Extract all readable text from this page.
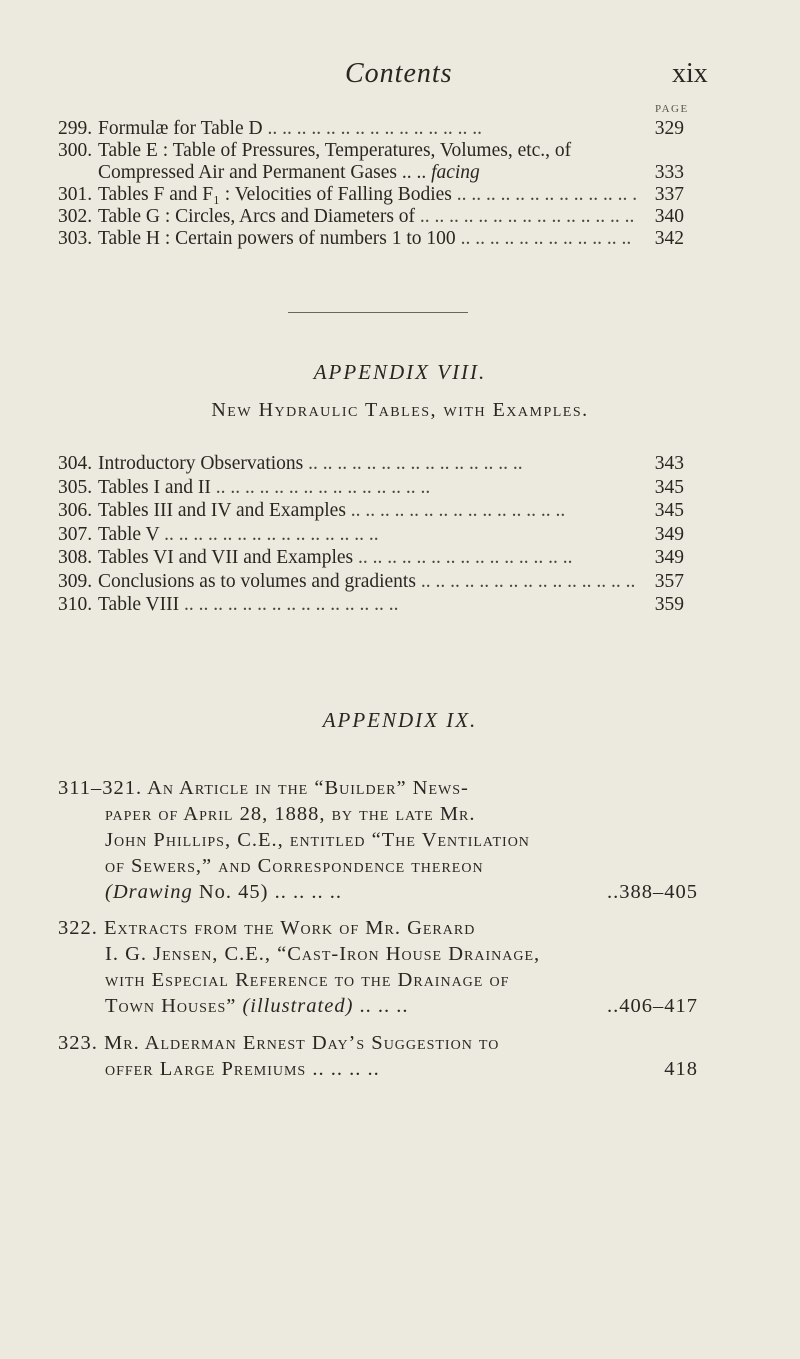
Contents	xix
PAGE
299. Formulæ for Table D .. .	329
300. Table E : Table of Pressures, Temperatures, Volumes, etc., of
Compressed Air and Permanent Gases .. .. facing	333
301. Tables F and F₁ : Velocities of Falling Bodies .. .	337
302. Table G : Circles, Arcs and Diameters of .. .	340
303. Table H : Certain powers of numbers 1 to 100 .. .	342
APPENDIX VIII.
New Hydraulic Tables, with Examples.
304. Introductory Observations .. .	343
305. Tables I and II .. .	345
306. Tables III and IV and Examples .. .	345
307. Table V .. .	349
308. Tables VI and VII and Examples .. .	349
309. Conclusions as to volumes and gradients .. .	357
310. Table VIII .. .	359
APPENDIX IX.
311–321. An Article in the “Builder” News-
paper of April 28, 1888, by the late Mr.
John Phillips, C.E., entitled “The Ventilation
of Sewers,” and Correspondence thereon
(Drawing No. 45) .. .. .. ..	..388–405
322. Extracts from the Work of Mr. Gerard
I. G. Jensen, C.E., “Cast-Iron House Drainage,
with Especial Reference to the Drainage of
Town Houses” (illustrated) .. .. ..	..406–417
323. Mr. Alderman Ernest Day’s Suggestion to
offer Large Premiums .. .. .. ..	418
